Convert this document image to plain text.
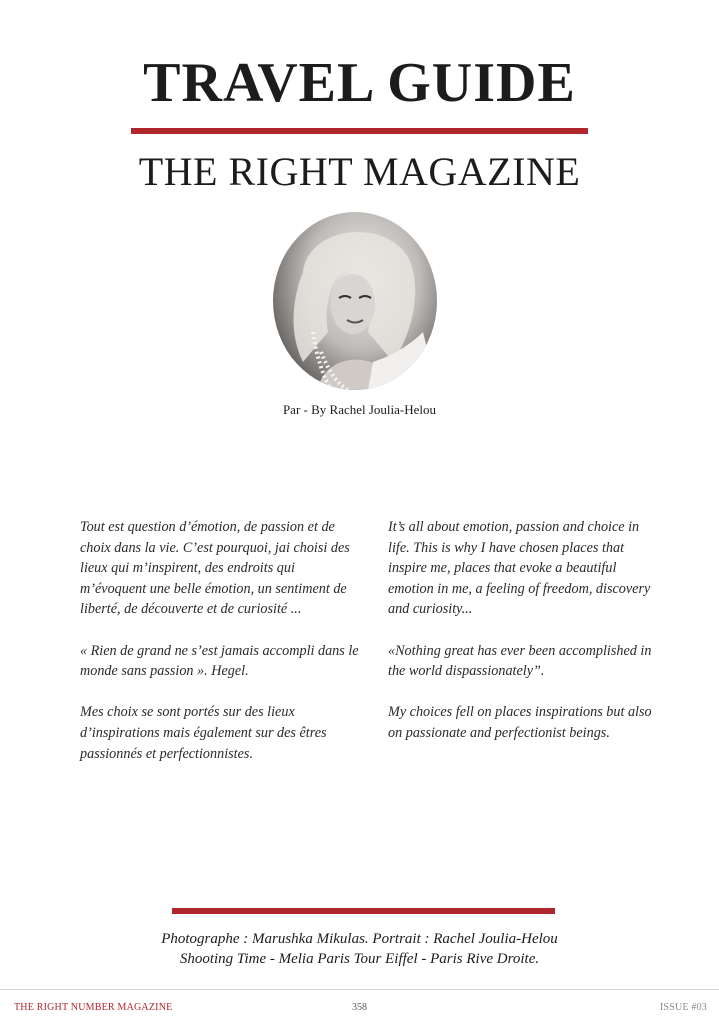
TRAVEL GUIDE
THE RIGHT MAGAZINE
Par - By Rachel Joulia-Helou

Tout est question d’émotion, de passion et de choix dans la vie. C’est pourquoi, jai choisi des lieux qui m’inspirent, des endroits qui m’évoquent une belle émotion, un sentiment de liberté, de découverte et de curiosité ...

« Rien de grand ne s’est jamais accompli dans le monde sans passion ». Hegel.

Mes choix se sont portés sur des lieux d’inspirations mais également sur des êtres passionnés et perfectionnistes.

It’s all about emotion, passion and choice in life. This is why I have chosen places that inspire me, places that evoke a beautiful emotion in me, a feeling of freedom, discovery and curiosity...

«Nothing great has ever been accomplished in the world dispassionately”.

My choices fell on places inspirations but also on passionate and perfectionist beings.

Photographe : Marushka Mikulas. Portrait : Rachel Joulia-Helou
Shooting Time - Melia Paris Tour Eiffel - Paris Rive Droite.
THE RIGHT NUMBER MAGAZINE	358	ISSUE #03
